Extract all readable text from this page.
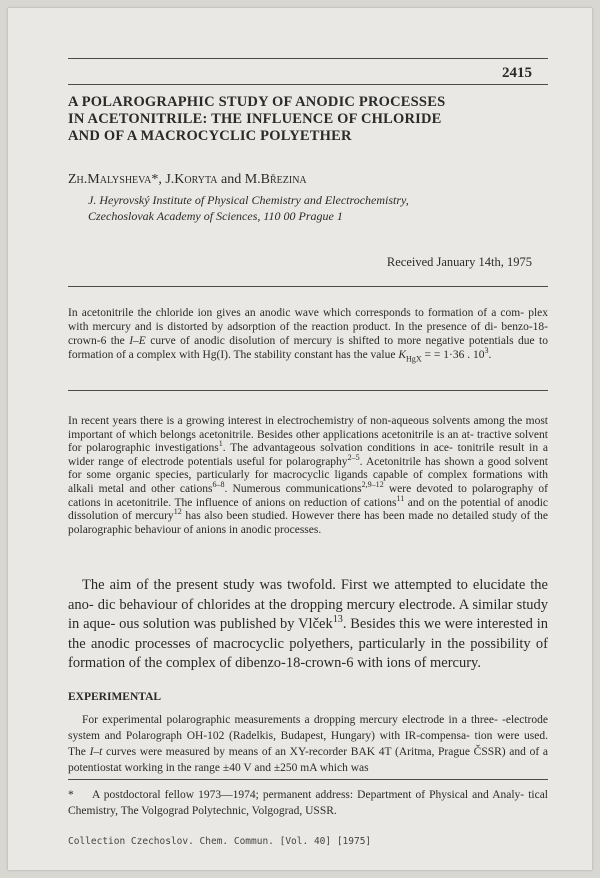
2415
A POLAROGRAPHIC STUDY OF ANODIC PROCESSES
IN ACETONITRILE: THE INFLUENCE OF CHLORIDE
AND OF A MACROCYCLIC POLYETHER
Zh.Malysheva*, J.Koryta and M.Březina
J. Heyrovský Institute of Physical Chemistry and Electrochemistry,
Czechoslovak Academy of Sciences, 110 00 Prague 1
Received January 14th, 1975

In acetonitrile the chloride ion gives an anodic wave which corresponds to formation of a com- plex with mercury and is distorted by adsorption of the reaction product. In the presence of di- benzo-18-crown-6 the I–E curve of anodic disolution of mercury is shifted to more negative potentials due to formation of a complex with Hg(I). The stability constant has the value $K_{HgX}$ = = 1·36 . $10^3$.

In recent years there is a growing interest in electrochemistry of non-aqueous solvents among the most important of which belongs acetonitrile. Besides other applications acetonitrile is an at- tractive solvent for polarographic investigations$^1$. The advantageous solvation conditions in ace- tonitrile result in a wider range of electrode potentials useful for polarography$^{2-5}$. Acetonitrile has shown a good solvent for some organic species, particularly for macrocyclic ligands capable of complex formations with alkali metal and other cations$^{6-8}$. Numerous communications$^{2,9-12}$ were devoted to polarography of cations in acetonitrile. The influence of anions on reduction of cations$^{11}$ and on the potential of anodic dissolution of mercury$^{12}$ has also been studied. However there has been made no detailed study of the polarographic behaviour of anions in anodic processes.

The aim of the present study was twofold. First we attempted to elucidate the ano- dic behaviour of chlorides at the dropping mercury electrode. A similar study in aque- ous solution was published by Vlček$^{13}$. Besides this we were interested in the anodic processes of macrocyclic polyethers, particularly in the possibility of formation of the complex of dibenzo-18-crown-6 with ions of mercury.

EXPERIMENTAL

For experimental polarographic measurements a dropping mercury electrode in a three- -electrode system and Polarograph OH-102 (Radelkis, Budapest, Hungary) with IR-compensa- tion were used. The I–t curves were measured by means of an XY-recorder BAK 4T (Aritma, Prague ČSSR) and of a potentiostat working in the range ±40 V and ±250 mA which was

* A postdoctoral fellow 1973—1974; permanent address: Department of Physical and Analy- tical Chemistry, The Volgograd Polytechnic, Volgograd, USSR.

Collection Czechoslov. Chem. Commun. [Vol. 40] [1975]
